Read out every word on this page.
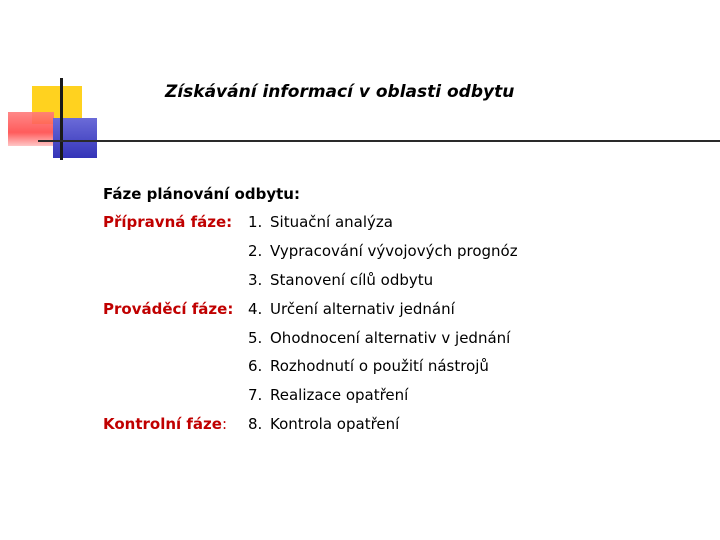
Získávání informací v oblasti odbytu
Fáze plánování odbytu:
Přípravná fáze:	1. Situační analýza
2. Vypracování vývojových prognóz
3. Stanovení cílů odbytu
Prováděcí fáze: 4. Určení alternativ jednání
5. Ohodnocení alternativ v jednání
6. Rozhodnutí o použití nástrojů
7. Realizace opatření
Kontrolní fáze:	8. Kontrola opatření
